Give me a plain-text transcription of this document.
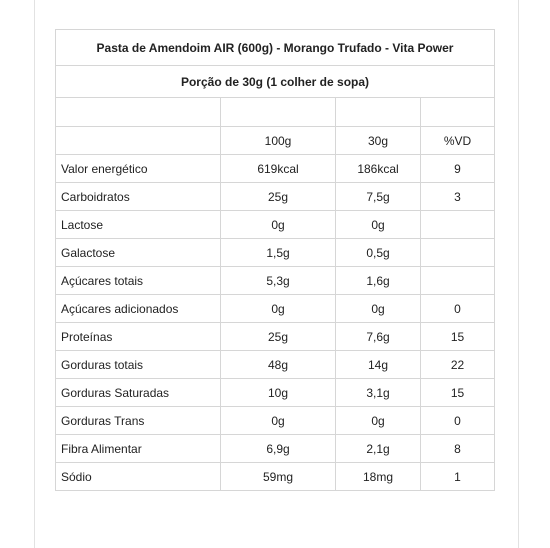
Pasta de Amendoim AIR (600g) - Morango Trufado - Vita Power			
Porção de 30g (1 colher de sopa)			

	100g	30g	%VD
Valor energético	619kcal	186kcal	9
Carboidratos	25g	7,5g	3
Lactose	0g	0g	
Galactose	1,5g	0,5g	
Açúcares totais	5,3g	1,6g	
Açúcares adicionados	0g	0g	0
Proteínas	25g	7,6g	15
Gorduras totais	48g	14g	22
Gorduras Saturadas	10g	3,1g	15
Gorduras Trans	0g	0g	0
Fibra Alimentar	6,9g	2,1g	8
Sódio	59mg	18mg	1
